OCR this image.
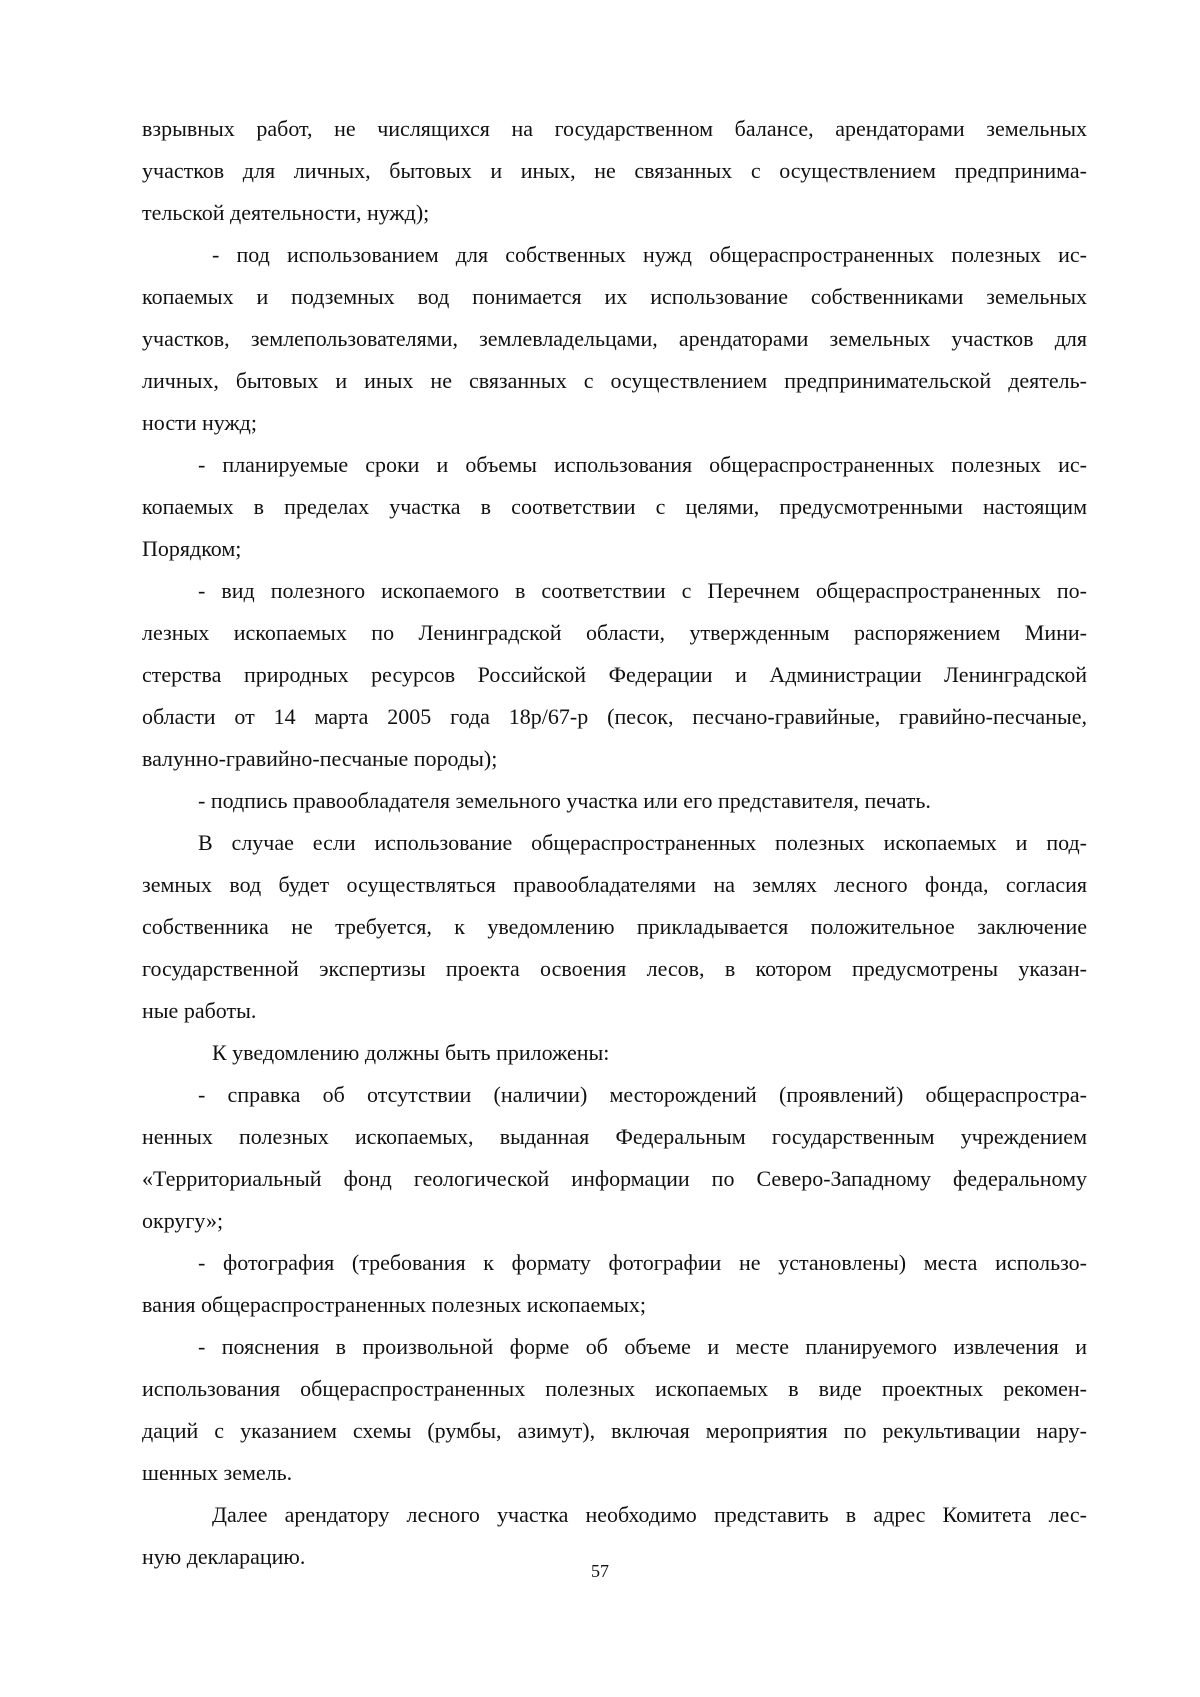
взрывных работ, не числящихся на государственном балансе, арендаторами земельных
участков для личных, бытовых и иных, не связанных с осуществлением предпринима-
тельской деятельности, нужд);
- под использованием для собственных нужд общераспространенных полезных ис-
копаемых и подземных вод понимается их использование собственниками земельных
участков, землепользователями, землевладельцами, арендаторами земельных участков для
личных, бытовых и иных не связанных с осуществлением предпринимательской деятель-
ности нужд;
- планируемые сроки и объемы использования общераспространенных полезных ис-
копаемых в пределах участка в соответствии с целями, предусмотренными настоящим
Порядком;
- вид полезного ископаемого в соответствии с Перечнем общераспространенных по-
лезных ископаемых по Ленинградской области, утвержденным распоряжением Мини-
стерства природных ресурсов Российской Федерации и Администрации Ленинградской
области от 14 марта 2005 года 18р/67-р (песок, песчано-гравийные, гравийно-песчаные,
валунно-гравийно-песчаные породы);
- подпись правообладателя земельного участка или его представителя, печать.
В случае если использование общераспространенных полезных ископаемых и под-
земных вод будет осуществляться правообладателями на землях лесного фонда, согласия
собственника не требуется, к уведомлению прикладывается положительное заключение
государственной экспертизы проекта освоения лесов, в котором предусмотрены указан-
ные работы.
К уведомлению должны быть приложены:
- справка об отсутствии (наличии) месторождений (проявлений) общераспростра-
ненных полезных ископаемых, выданная Федеральным государственным учреждением
«Территориальный фонд геологической информации по Северо-Западному федеральному
округу»;
- фотография (требования к формату фотографии не установлены) места использо-
вания общераспространенных полезных ископаемых;
- пояснения в произвольной форме об объеме и месте планируемого извлечения и
использования общераспространенных полезных ископаемых в виде проектных рекомен-
даций с указанием схемы (румбы, азимут), включая мероприятия по рекультивации нару-
шенных земель.
Далее арендатору лесного участка необходимо представить в адрес Комитета лес-
ную декларацию.
57
